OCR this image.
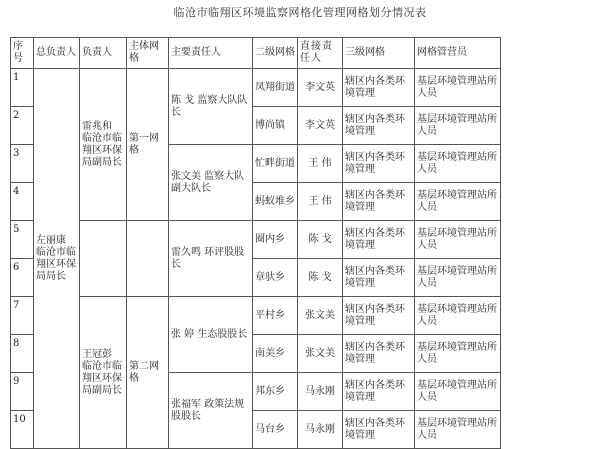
临沧市临翔区环境监察网格化管理网格划分情况表
序号	总负责人	负责人	主体网格	主要责任人	二级网格	直接责任人	三级网格	网格管营员
1	左丽康 临沧市临翔区环保局局长	雷兆和 临沧市临翔区环保局副局长	第一网格	陈 戈 监察大队队长	凤翔街道	李文英	辖区内各类环境管理	基层环境管理站所人员
2					博尚镇	李文英	辖区内各类环境管理	基层环境管理站所人员
3				张文美 监察大队副大队长	忙畔街道	王 伟	辖区内各类环境管理	基层环境管理站所人员
4					蚂蚁堆乡	王 伟	辖区内各类环境管理	基层环境管理站所人员
5				雷久鸣 环评股股长	圈内乡	陈 戈	辖区内各类环境管理	基层环境管理站所人员
6					章驮乡	陈 戈	辖区内各类环境管理	基层环境管理站所人员
7		王冠彭 临沧市临翔区环保局副局长	第二网格	张 婷 生态股股长	平村乡	张文美	辖区内各类环境管理	基层环境管理站所人员
8					南美乡	张文美	辖区内各类环境管理	基层环境管理站所人员
9				张福军 政策法规股股长	邦东乡	马永刚	辖区内各类环境管理	基层环境管理站所人员
10					马台乡	马永刚	辖区内各类环境管理	基层环境管理站所人员
